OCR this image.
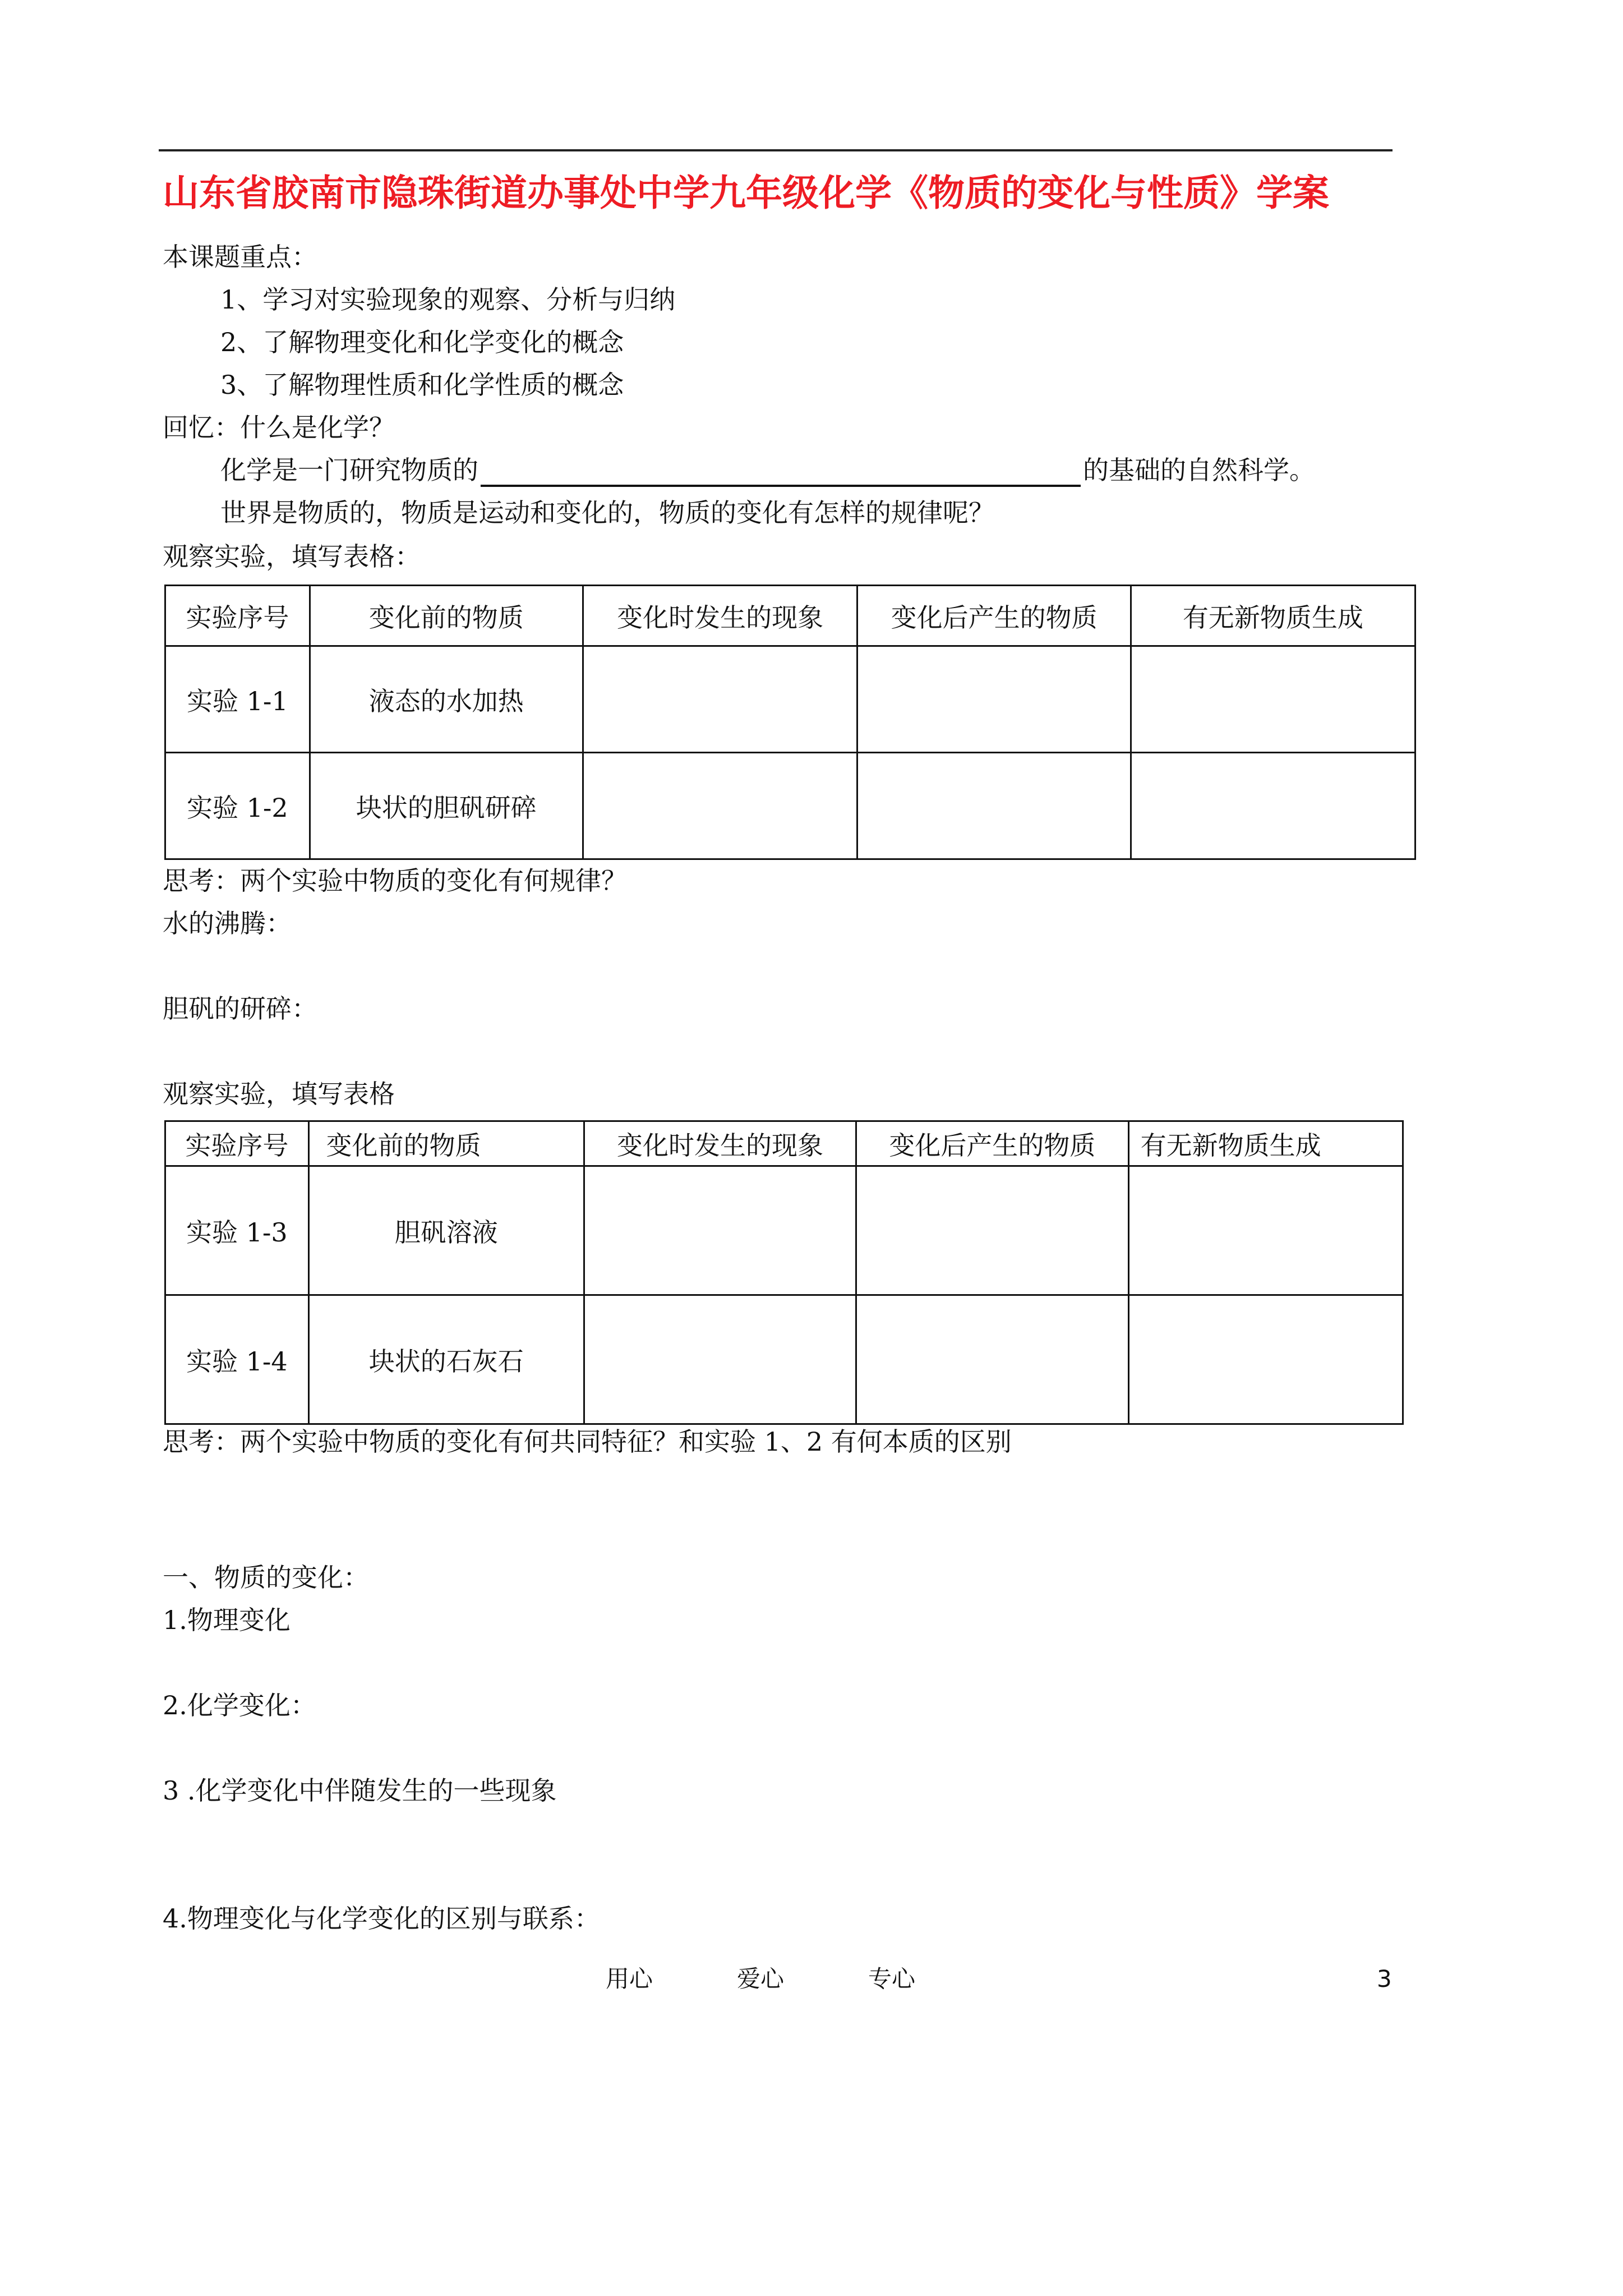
山东省胶南市隐珠街道办事处中学九年级化学《物质的变化与性质》学案
本课题重点：
1、学习对实验现象的观察、分析与归纳
2、了解物理变化和化学变化的概念
3、了解物理性质和化学性质的概念
回忆：什么是化学？
化学是一门研究物质的	的基础的自然科学。
世界是物质的，物质是运动和变化的，物质的变化有怎样的规律呢？
观察实验，填写表格：
实验序号	变化前的物质	变化时发生的现象	变化后产生的物质	有无新物质生成
实验 1-1	液态的水加热			
实验 1-2	块状的胆矾研碎			
思考：两个实验中物质的变化有何规律？
水的沸腾：
胆矾的研碎：
观察实验，填写表格
实验序号	变化前的物质	变化时发生的现象	变化后产生的物质	有无新物质生成
实验 1-3	胆矾溶液			
实验 1-4	块状的石灰石			
思考：两个实验中物质的变化有何共同特征？和实验 1、2 有何本质的区别
一、物质的变化：
1.物理变化
2.化学变化：
3 .化学变化中伴随发生的一些现象
4.物理变化与化学变化的区别与联系：
用心	爱心	专心	3
